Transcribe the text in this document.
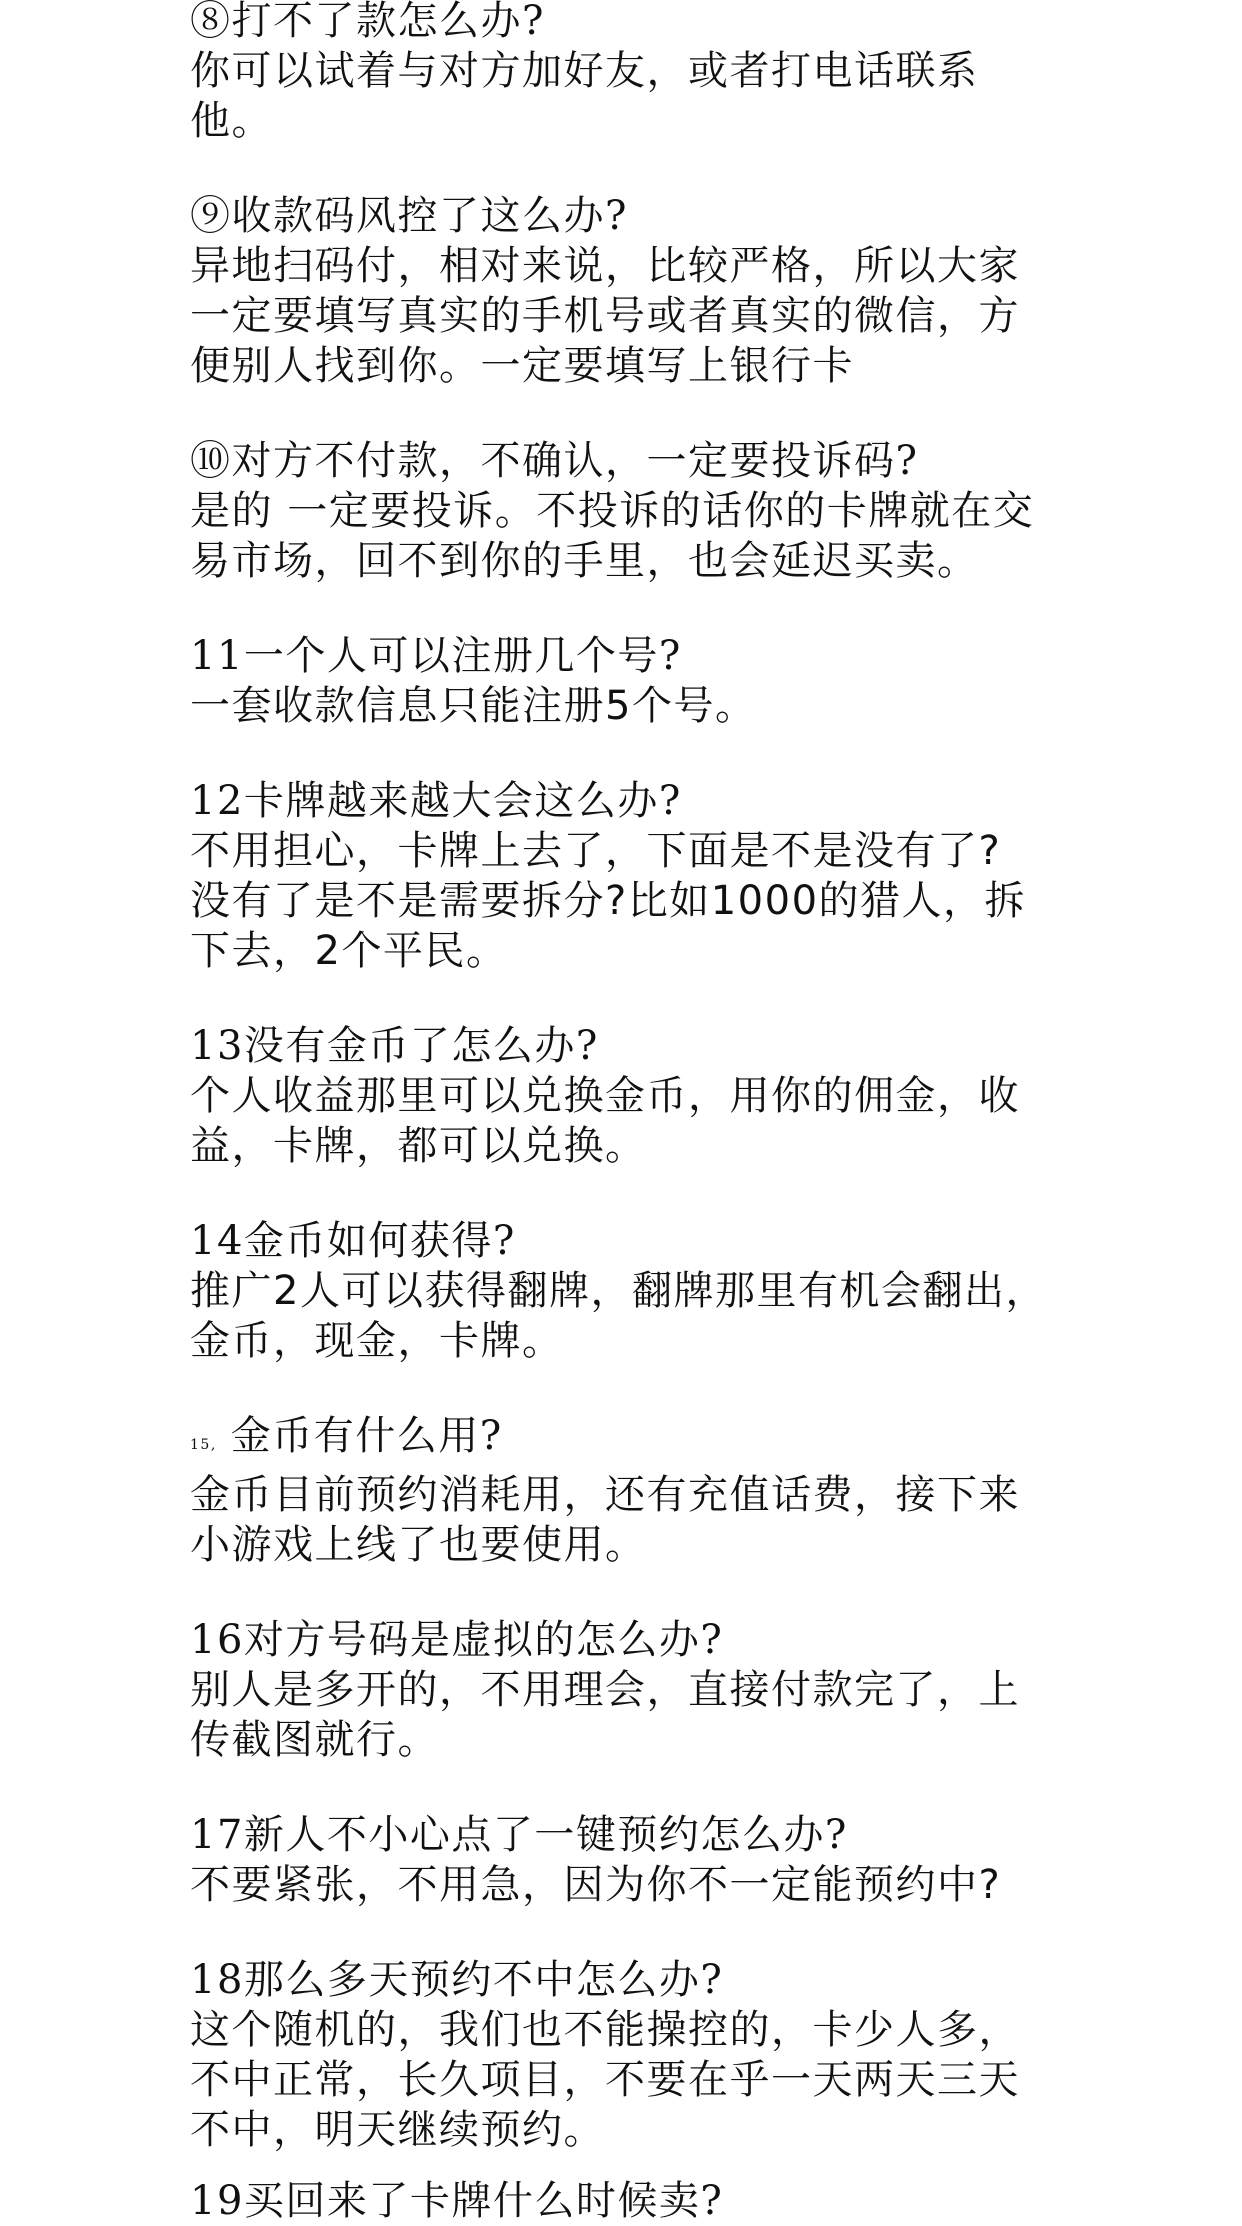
⑧打不了款怎么办?

你可以试着与对方加好友，或者打电话联系

他。

⑨收款码风控了这么办?

异地扫码付，相对来说，比较严格，所以大家

一定要填写真实的手机号或者真实的微信，方

便别人找到你。一定要填写上银行卡

⑩对方不付款，不确认，一定要投诉码?

是的 一定要投诉。不投诉的话你的卡牌就在交

易市场，回不到你的手里，也会延迟买卖。

11一个人可以注册几个号?

一套收款信息只能注册5个号。

12卡牌越来越大会这么办?

不用担心，卡牌上去了，下面是不是没有了?

没有了是不是需要拆分?比如1000的猎人，拆

下去，2个平民。

13没有金币了怎么办?

个人收益那里可以兑换金币，用你的佣金，收

益，卡牌，都可以兑换。

14金币如何获得?

推广2人可以获得翻牌，翻牌那里有机会翻出，

金币，现金，卡牌。

15, 金币有什么用?

金币目前预约消耗用，还有充值话费，接下来

小游戏上线了也要使用。

16对方号码是虚拟的怎么办?

别人是多开的，不用理会，直接付款完了，上

传截图就行。

17新人不小心点了一键预约怎么办?

不要紧张，不用急，因为你不一定能预约中?

18那么多天预约不中怎么办?

这个随机的，我们也不能操控的，卡少人多，

不中正常，长久项目，不要在乎一天两天三天

不中，明天继续预约。

19买回来了卡牌什么时候卖?
